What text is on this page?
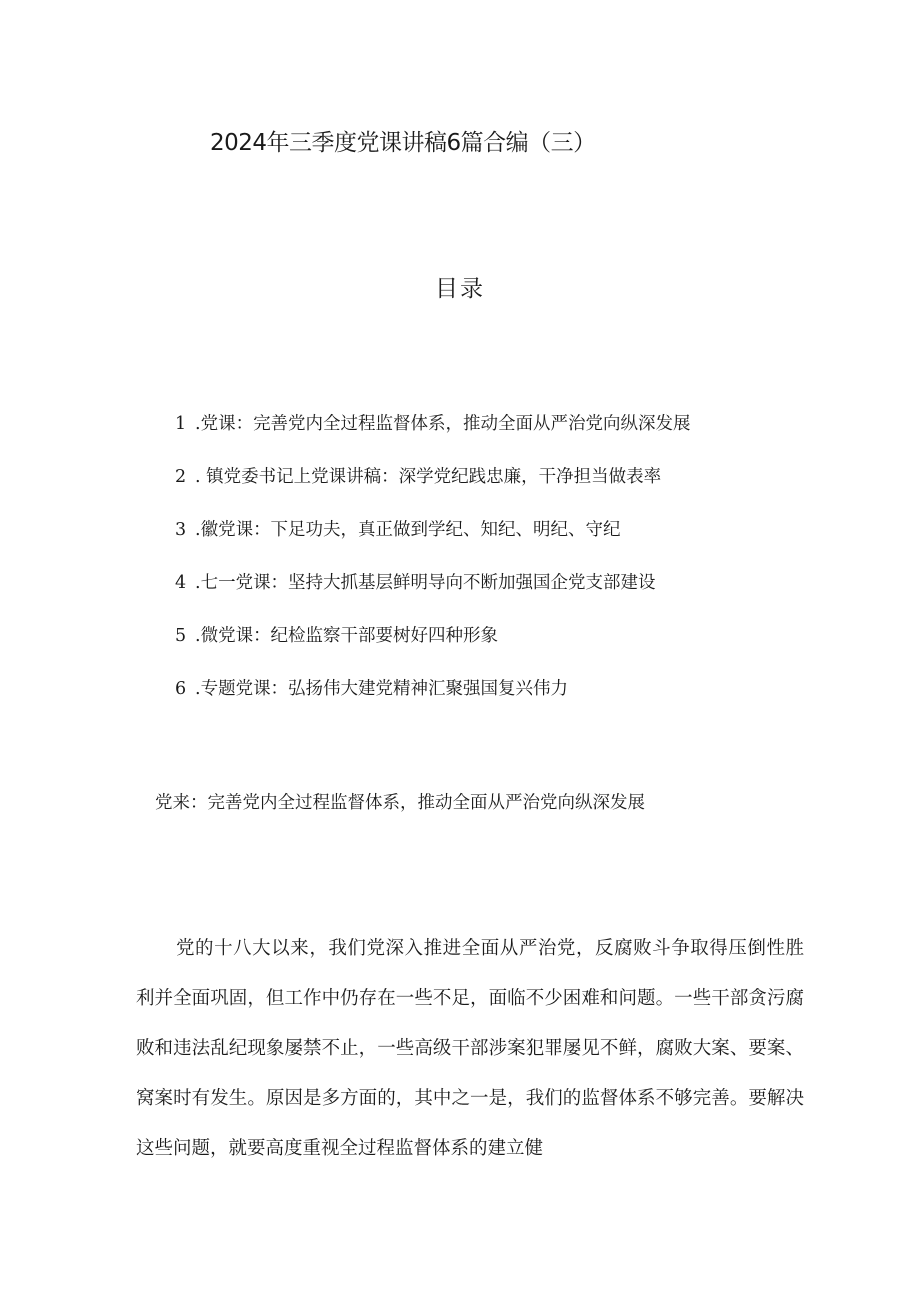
2024年三季度党课讲稿6篇合编（三）
目录
1 .党课：完善党内全过程监督体系，推动全面从严治党向纵深发展
2 . 镇党委书记上党课讲稿：深学党纪践忠廉，干净担当做表率
3 .徽党课：下足功夫，真正做到学纪、知纪、明纪、守纪
4 .七一党课：坚持大抓基层鲜明导向不断加强国企党支部建设
5 .微党课：纪检监察干部要树好四种形象
6 .专题党课：弘扬伟大建党精神汇聚强国复兴伟力
党来：完善党内全过程监督体系，推动全面从严治党向纵深发展

党的十八大以来，我们党深入推进全面从严治党，反腐败斗争取得压倒性胜利并全面巩固，但工作中仍存在一些不足，面临不少困难和问题。一些干部贪污腐败和违法乱纪现象屡禁不止，一些高级干部涉案犯罪屡见不鲜，腐败大案、要案、窝案时有发生。原因是多方面的，其中之一是，我们的监督体系不够完善。要解决这些问题，就要高度重视全过程监督体系的建立健
